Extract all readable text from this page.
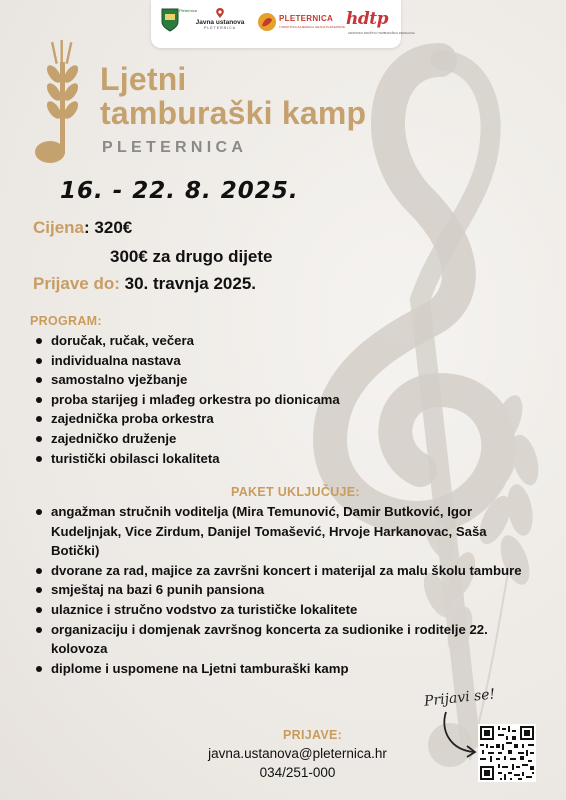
Pleternica
Javna ustanova
PLETERNICA
PLETERNICA
TURISTIČKA ZAJEDNICA GRADA PLETERNICE hdtp
HRVATSKO DRUŠTVO TAMBURAŠKIH PEDAGOGA
Ljetni
tamburaški kamp
PLETERNICA
16. - 22. 8. 2025.
Cijena: 320€
300€ za drugo dijete
Prijave do: 30. travnja 2025.
PROGRAM:
doručak, ručak, večera
individualna nastava
samostalno vježbanje
proba starijeg i mlađeg orkestra po dionicama
zajednička proba orkestra
zajedničko druženje
turistički obilasci lokaliteta
PAKET UKLJUČUJE:
angažman stručnih voditelja (Mira Temunović, Damir Butković, Igor Kudeljnjak, Vice Zirdum, Danijel Tomašević, Hrvoje Harkanovac, Saša Botički)
dvorane za rad, majice za završni koncert i materijal za malu školu tambure
smještaj na bazi 6 punih pansiona
ulaznice i stručno vodstvo za turističke lokalitete
organizaciju i domjenak završnog koncerta za sudionike i roditelje 22. kolovoza
diplome i uspomene na Ljetni tamburaški kamp
PRIJAVE:
javna.ustanova@pleternica.hr
034/251-000
Prijavi se!
